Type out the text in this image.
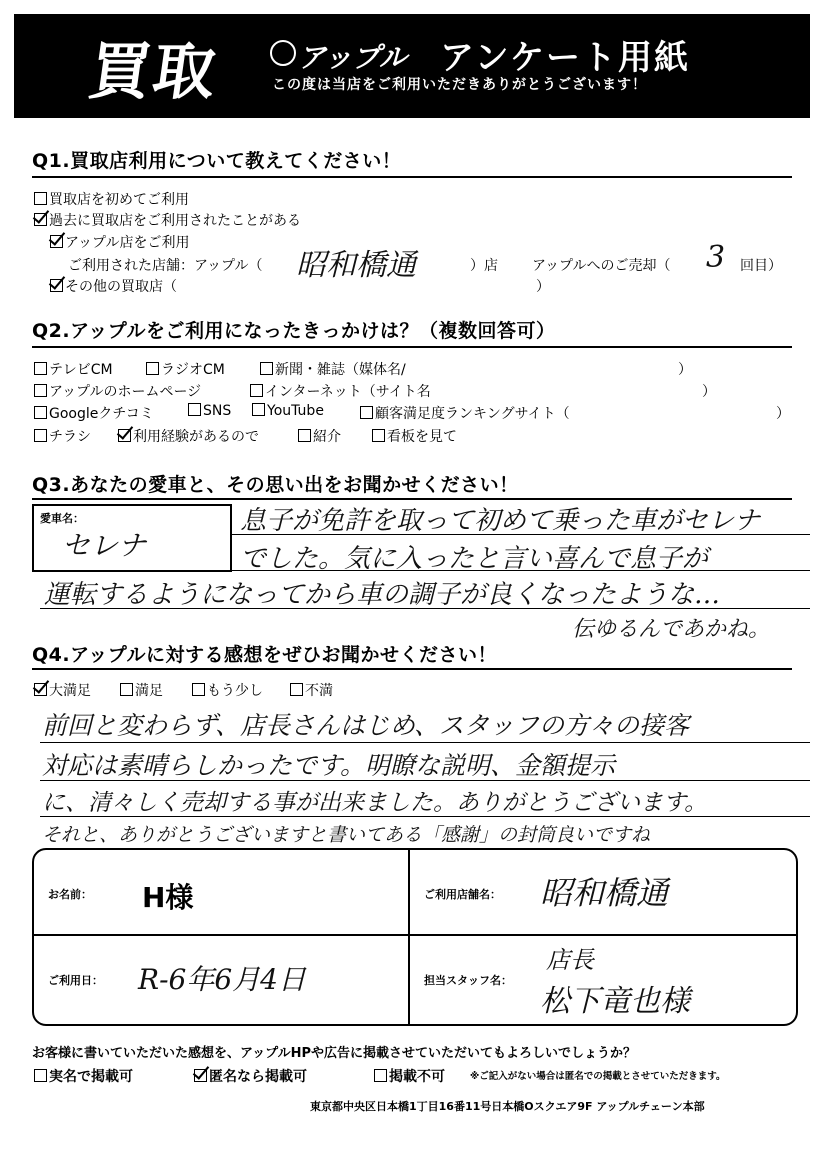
買取	アップル アンケート用紙
この度は当店をご利用いただきありがとうございます！
Q1.買取店利用について教えてください！
買取店を初めてご利用
過去に買取店をご利用されたことがある
アップル店をご利用
ご利用された店舗：アップル（ 昭和橋通	）店 アップルへのご売却（ 3 回目）
その他の買取店（	）
Q2.アップルをご利用になったきっかけは？（複数回答可）
テレビCM	ラジオCM	新聞・雑誌（媒体名/	）
アップルのホームページ	インターネット（サイト名	）
Googleクチコミ	SNS	YouTube	顧客満足度ランキングサイト（	）
チラシ	利用経験があるので	紹介	看板を見て
Q3.あなたの愛車と、その思い出をお聞かせください！
愛車名：
セレナ
息子が免許を取って初めて乗った車がセレナ
でした。気に入ったと言い喜んで息子が
運転するようになってから車の調子が良くなったような…
伝ゆるんであかね。
Q4.アップルに対する感想をぜひお聞かせください！
大満足	満足	もう少し	不満
前回と変わらず、店長さんはじめ、スタッフの方々の接客
対応は素晴らしかったです。明瞭な説明、金額提示
に、清々しく売却する事が出来ました。ありがとうございます。
それと、ありがとうございますと書いてある「感謝」の封筒良いですね
お名前： H様	ご利用店舗名： 昭和橋通
ご利用日： R-6年6月4日	担当スタッフ名：
店長
松下竜也様
お客様に書いていただいた感想を、アップルHPや広告に掲載させていただいてもよろしいでしょうか？
実名で掲載可	匿名なら掲載可	掲載不可	※ご記入がない場合は匿名での掲載とさせていただきます。
東京都中央区日本橋1丁目16番11号日本橋Oスクエア9F アップルチェーン本部
